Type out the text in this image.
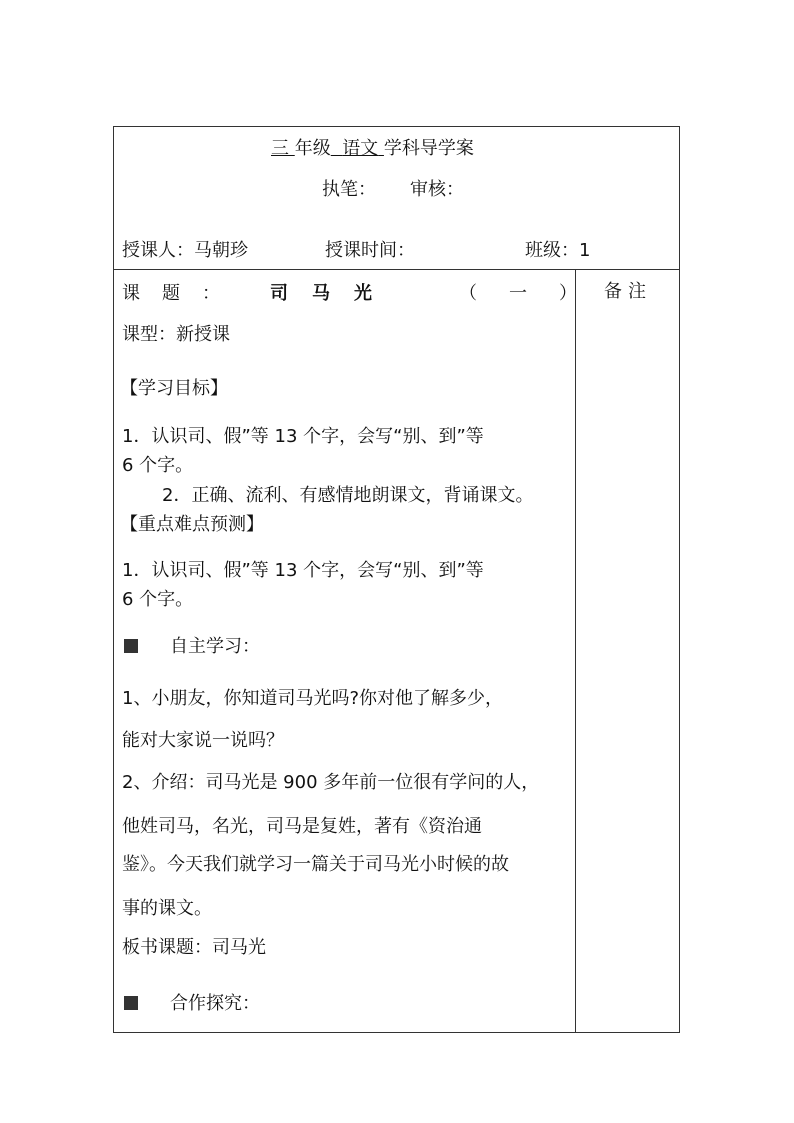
三 年级 语文 学科导学案
执笔： 审核：
授课人：马朝珍	授课时间：	班级：1
备注
课题： 司马光	（一）
课型：新授课
【学习目标】
1．认识司、假”等 13 个字，会写“别、到”等
6 个字。
2．正确、流利、有感情地朗课文，背诵课文。
【重点难点预测】
1．认识司、假”等 13 个字，会写“别、到”等
6 个字。
自主学习：
1、小朋友，你知道司马光吗?你对他了解多少，
能对大家说一说吗？
2、介绍：司马光是 900 多年前一位很有学问的人，
他姓司马，名光，司马是复姓，著有《资治通
鉴》。今天我们就学习一篇关于司马光小时候的故
事的课文。
板书课题：司马光
合作探究：
